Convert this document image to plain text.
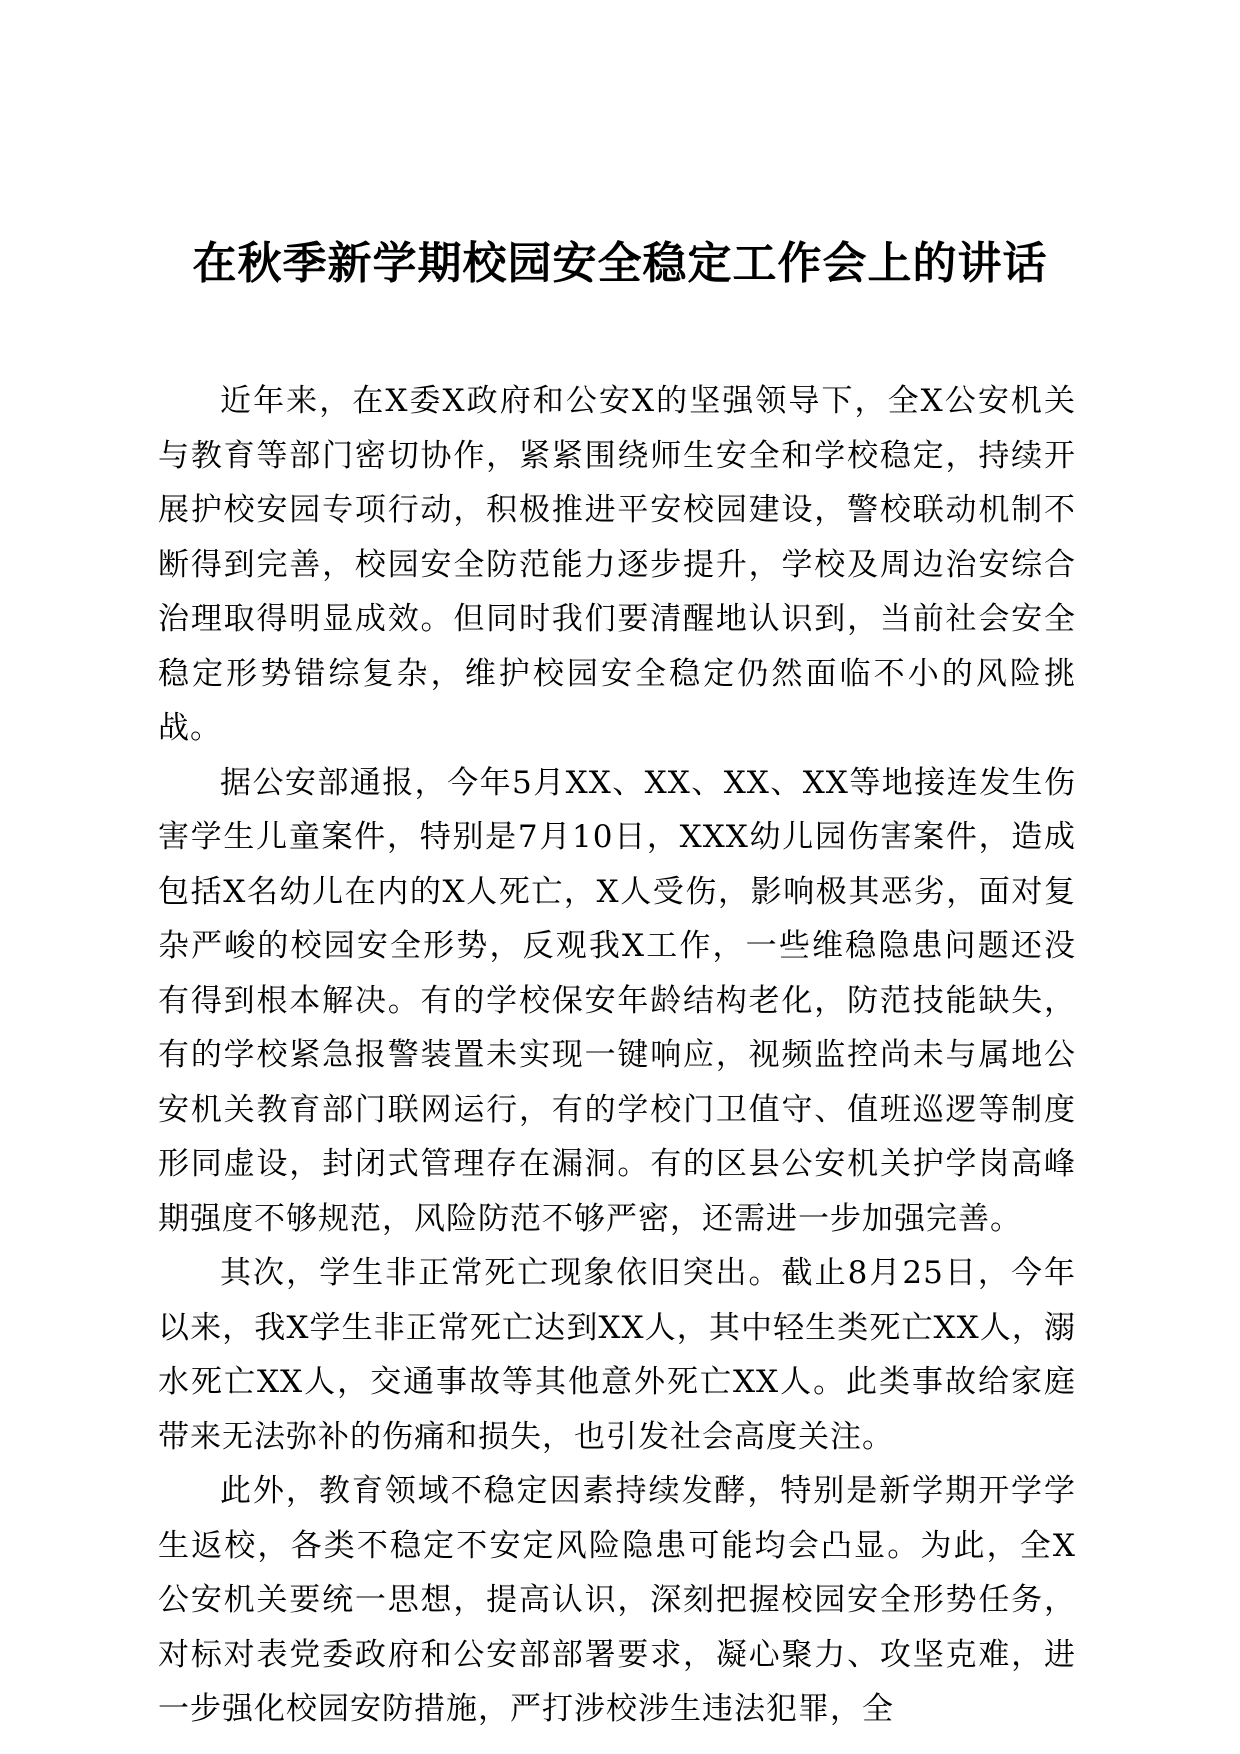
在秋季新学期校园安全稳定工作会上的讲话

近年来，在X委X政府和公安X的坚强领导下，全X公安机关与教育等部门密切协作，紧紧围绕师生安全和学校稳定，持续开展护校安园专项行动，积极推进平安校园建设，警校联动机制不断得到完善，校园安全防范能力逐步提升，学校及周边治安综合治理取得明显成效。但同时我们要清醒地认识到，当前社会安全稳定形势错综复杂，维护校园安全稳定仍然面临不小的风险挑战。

据公安部通报，今年5月XX、XX、XX、XX等地接连发生伤害学生儿童案件，特别是7月10日，XXX幼儿园伤害案件，造成包括X名幼儿在内的X人死亡，X人受伤，影响极其恶劣，面对复杂严峻的校园安全形势，反观我X工作，一些维稳隐患问题还没有得到根本解决。有的学校保安年龄结构老化，防范技能缺失，有的学校紧急报警装置未实现一键响应，视频监控尚未与属地公安机关教育部门联网运行，有的学校门卫值守、值班巡逻等制度形同虚设，封闭式管理存在漏洞。有的区县公安机关护学岗高峰期强度不够规范，风险防范不够严密，还需进一步加强完善。

其次，学生非正常死亡现象依旧突出。截止8月25日，今年以来，我X学生非正常死亡达到XX人，其中轻生类死亡XX人，溺水死亡XX人，交通事故等其他意外死亡XX人。此类事故给家庭带来无法弥补的伤痛和损失，也引发社会高度关注。

此外，教育领域不稳定因素持续发酵，特别是新学期开学学生返校，各类不稳定不安定风险隐患可能均会凸显。为此，全X公安机关要统一思想，提高认识，深刻把握校园安全形势任务，对标对表党委政府和公安部部署要求，凝心聚力、攻坚克难，进一步强化校园安防措施，严打涉校涉生违法犯罪，全
